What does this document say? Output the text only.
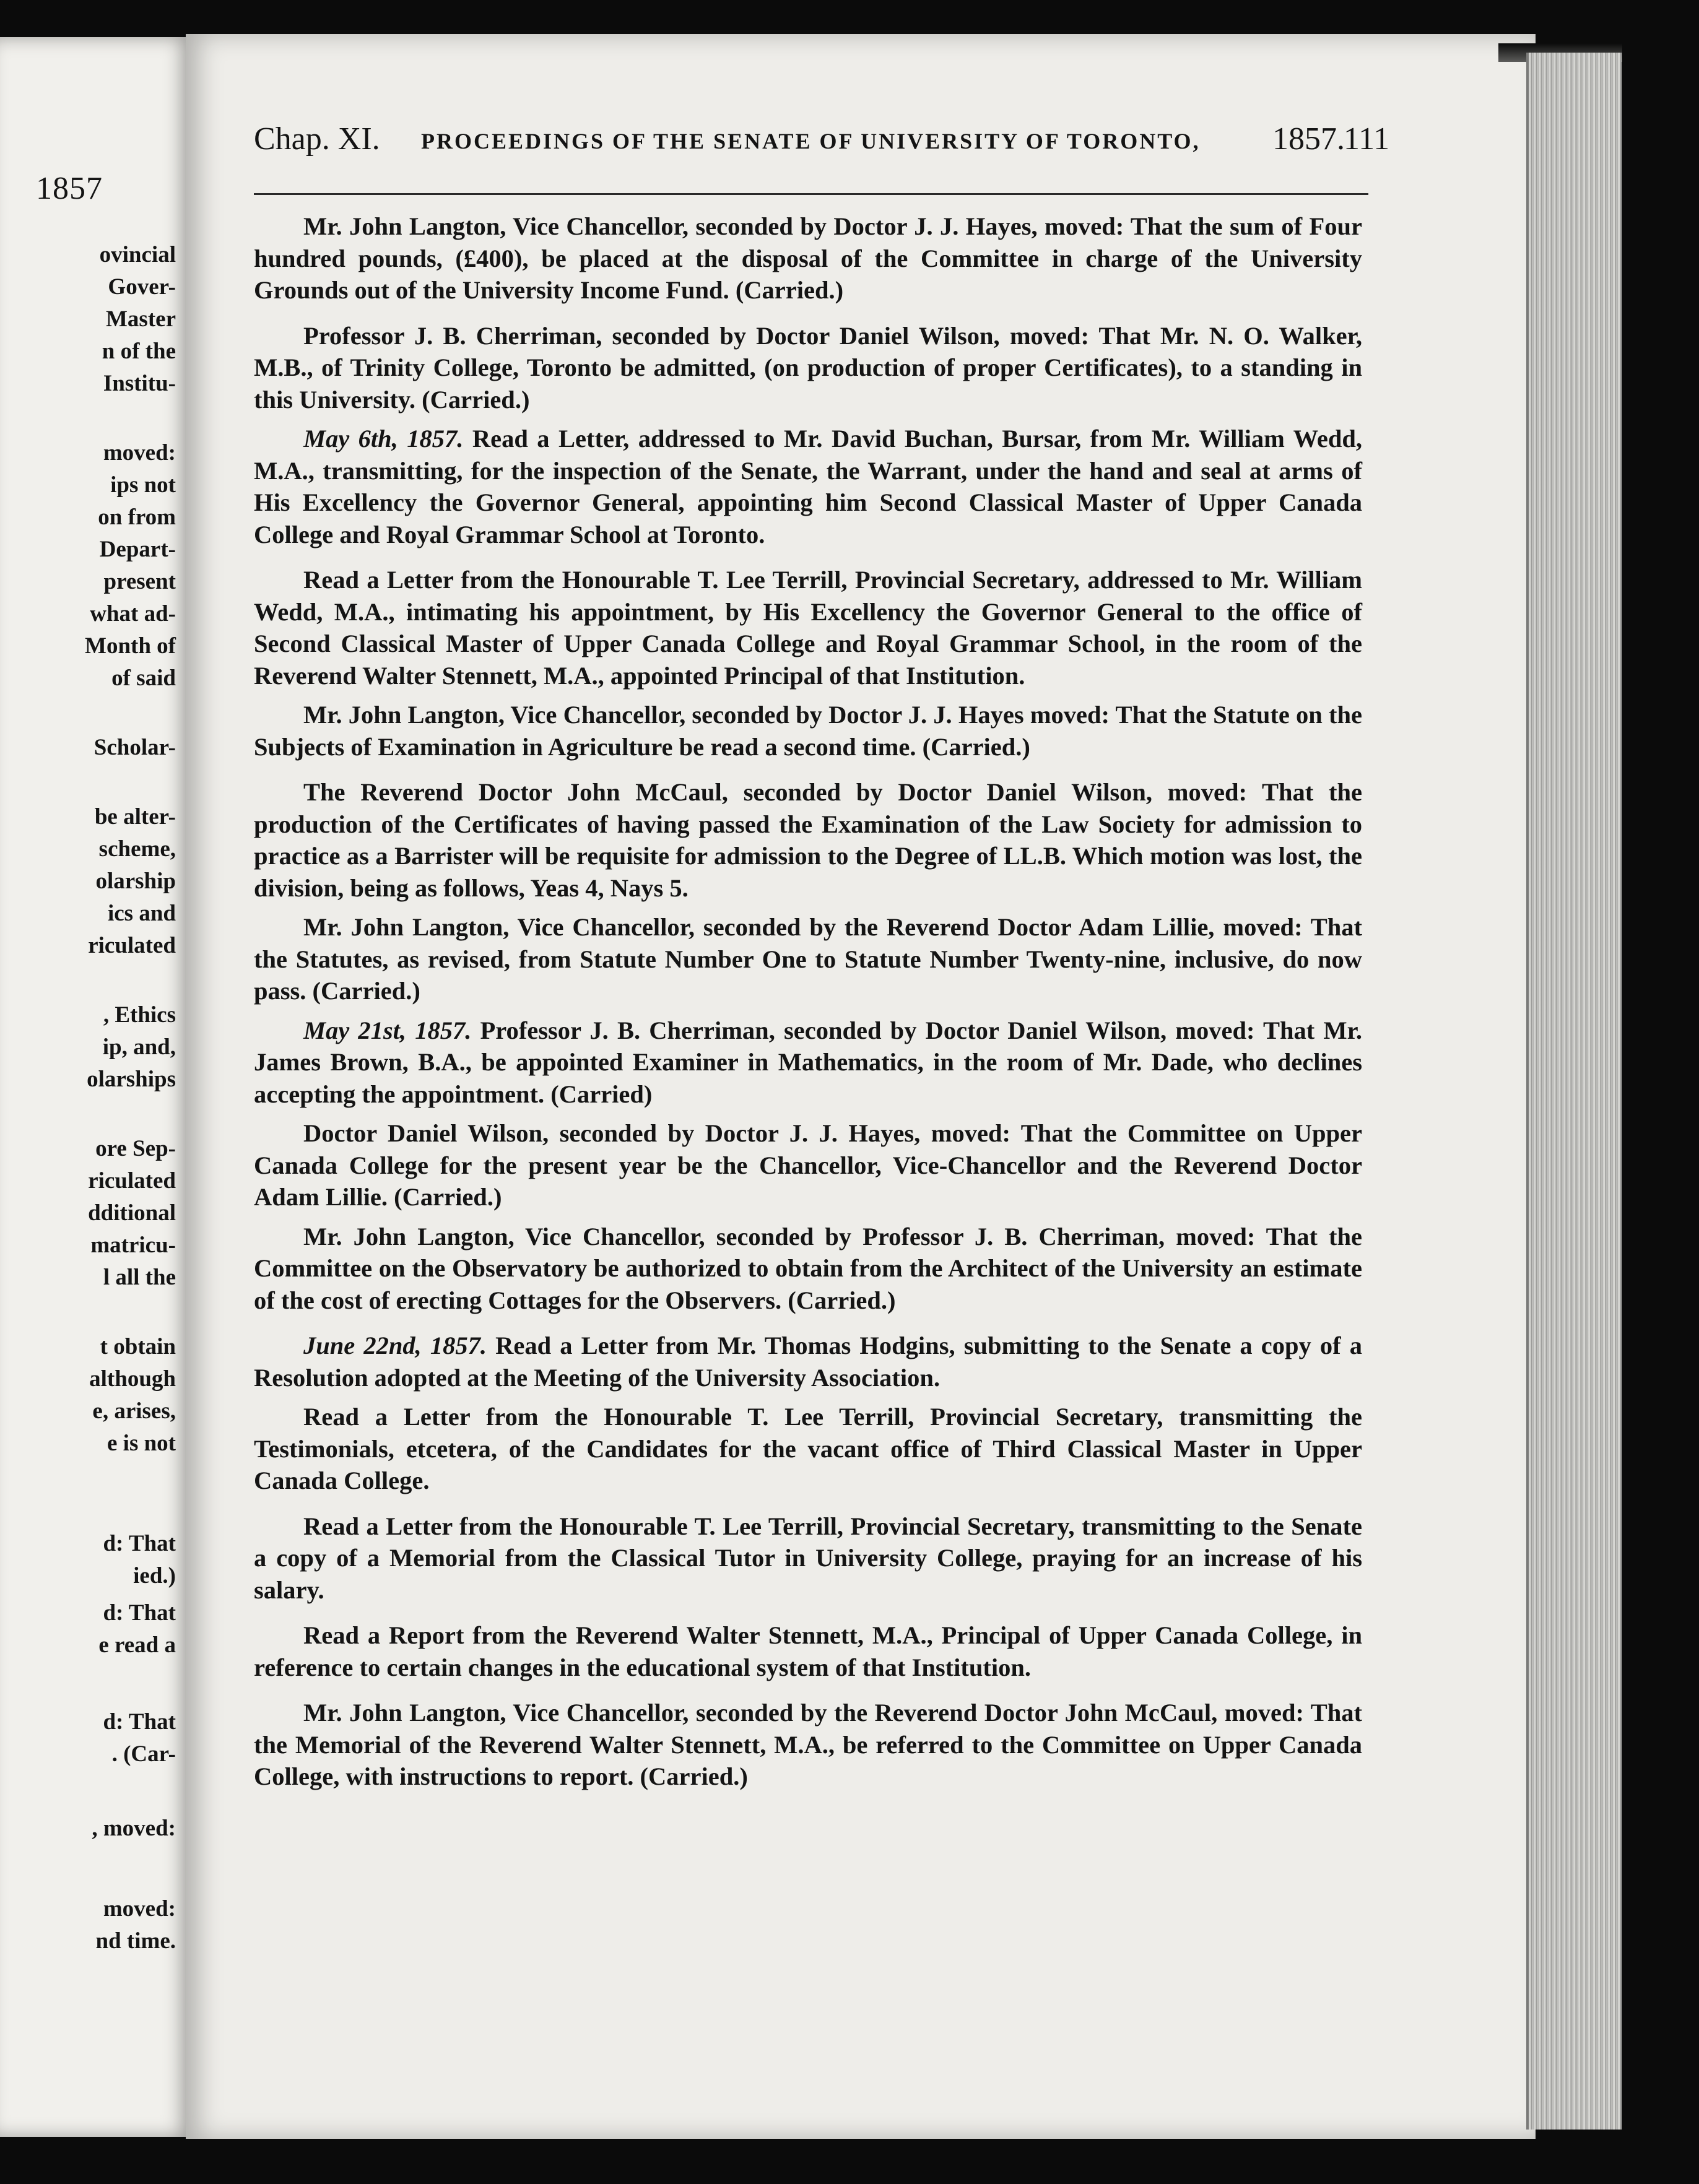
1857
ovincial
Gover-
Master
n of the
Institu-
moved:
ips not
on from
Depart-
present
what ad-
Month of
of said
Scholar-
be alter-
scheme,
olarship
ics and
riculated
, Ethics
ip, and,
olarships
ore Sep-
riculated
dditional
matricu-
l all the
t obtain
although
e, arises,
e is not
d: That
ied.)
d: That
e read a
d: That
. (Car-
, moved:
moved:
nd time.
Chap. XI. PROCEEDINGS OF THE SENATE OF UNIVERSITY OF TORONTO, 1857.
111

Mr. John Langton, Vice Chancellor, seconded by Doctor J. J. Hayes, moved: That the sum of Four hundred pounds, (£400), be placed at the disposal of the Committee in charge of the University Grounds out of the University Income Fund. (Carried.)

Professor J. B. Cherriman, seconded by Doctor Daniel Wilson, moved: That Mr. N. O. Walker, M.B., of Trinity College, Toronto be admitted, (on production of proper Certificates), to a standing in this University. (Carried.)

May 6th, 1857. Read a Letter, addressed to Mr. David Buchan, Bursar, from Mr. William Wedd, M.A., transmitting, for the inspection of the Senate, the Warrant, under the hand and seal at arms of His Excellency the Governor General, appointing him Second Classical Master of Upper Canada College and Royal Grammar School at Toronto.

Read a Letter from the Honourable T. Lee Terrill, Provincial Secretary, addressed to Mr. William Wedd, M.A., intimating his appointment, by His Excellency the Governor General to the office of Second Classical Master of Upper Canada College and Royal Grammar School, in the room of the Reverend Walter Stennett, M.A., appointed Principal of that Institution.

Mr. John Langton, Vice Chancellor, seconded by Doctor J. J. Hayes moved: That the Statute on the Subjects of Examination in Agriculture be read a second time. (Carried.)

The Reverend Doctor John McCaul, seconded by Doctor Daniel Wilson, moved: That the production of the Certificates of having passed the Examination of the Law Society for admission to practice as a Barrister will be requisite for admission to the Degree of LL.B. Which motion was lost, the division, being as follows, Yeas 4, Nays 5.

Mr. John Langton, Vice Chancellor, seconded by the Reverend Doctor Adam Lillie, moved: That the Statutes, as revised, from Statute Number One to Statute Number Twenty-nine, inclusive, do now pass. (Carried.)

May 21st, 1857. Professor J. B. Cherriman, seconded by Doctor Daniel Wilson, moved: That Mr. James Brown, B.A., be appointed Examiner in Mathematics, in the room of Mr. Dade, who declines accepting the appointment. (Carried)

Doctor Daniel Wilson, seconded by Doctor J. J. Hayes, moved: That the Committee on Upper Canada College for the present year be the Chancellor, Vice-Chancellor and the Reverend Doctor Adam Lillie. (Carried.)

Mr. John Langton, Vice Chancellor, seconded by Professor J. B. Cherriman, moved: That the Committee on the Observatory be authorized to obtain from the Architect of the University an estimate of the cost of erecting Cottages for the Observers. (Carried.)

June 22nd, 1857. Read a Letter from Mr. Thomas Hodgins, submitting to the Senate a copy of a Resolution adopted at the Meeting of the University Association.

Read a Letter from the Honourable T. Lee Terrill, Provincial Secretary, transmitting the Testimonials, etcetera, of the Candidates for the vacant office of Third Classical Master in Upper Canada College.

Read a Letter from the Honourable T. Lee Terrill, Provincial Secretary, transmitting to the Senate a copy of a Memorial from the Classical Tutor in University College, praying for an increase of his salary.

Read a Report from the Reverend Walter Stennett, M.A., Principal of Upper Canada College, in reference to certain changes in the educational system of that Institution.

Mr. John Langton, Vice Chancellor, seconded by the Reverend Doctor John McCaul, moved: That the Memorial of the Reverend Walter Stennett, M.A., be referred to the Committee on Upper Canada College, with instructions to report. (Carried.)
